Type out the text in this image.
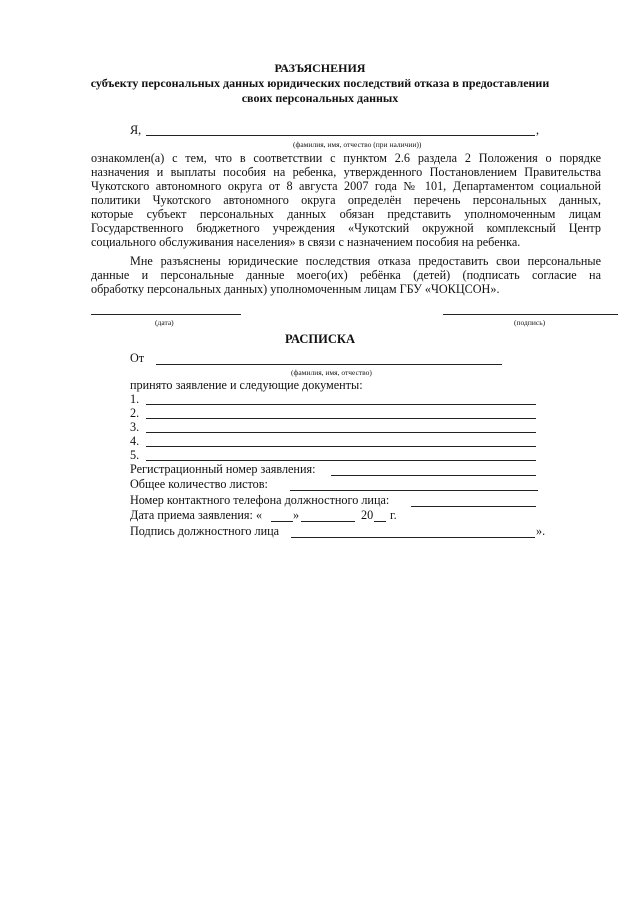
РАЗЪЯСНЕНИЯ
субъекту персональных данных юридических последствий отказа в предоставлении
своих персональных данных
Я,	,
(фамилия, имя, отчество (при наличии))
ознакомлен(а) с тем, что в соответствии с пунктом 2.6 раздела 2 Положения о порядке
назначения и выплаты пособия на ребенка, утвержденного Постановлением Правительства
Чукотского автономного округа от 8 августа 2007 года № 101, Департаментом социальной
политики Чукотского автономного округа определён перечень персональных данных,
которые субъект персональных данных обязан представить уполномоченным лицам
Государственного бюджетного учреждения «Чукотский окружной комплексный Центр
социального обслуживания населения» в связи с назначением пособия на ребенка.
Мне разъяснены юридические последствия отказа предоставить свои персональные
данные и персональные данные моего(их) ребёнка (детей) (подписать согласие на
обработку персональных данных) уполномоченным лицам ГБУ «ЧОКЦСОН».
(дата)	(подпись)
РАСПИСКА
От
(фамилия, имя, отчество)
принято заявление и следующие документы:
1.
2.
3.
4.
5.
Регистрационный номер заявления:
Общее количество листов:
Номер контактного телефона должностного лица:
Дата приема заявления: «	»	20 г.
Подпись должностного лица	».
